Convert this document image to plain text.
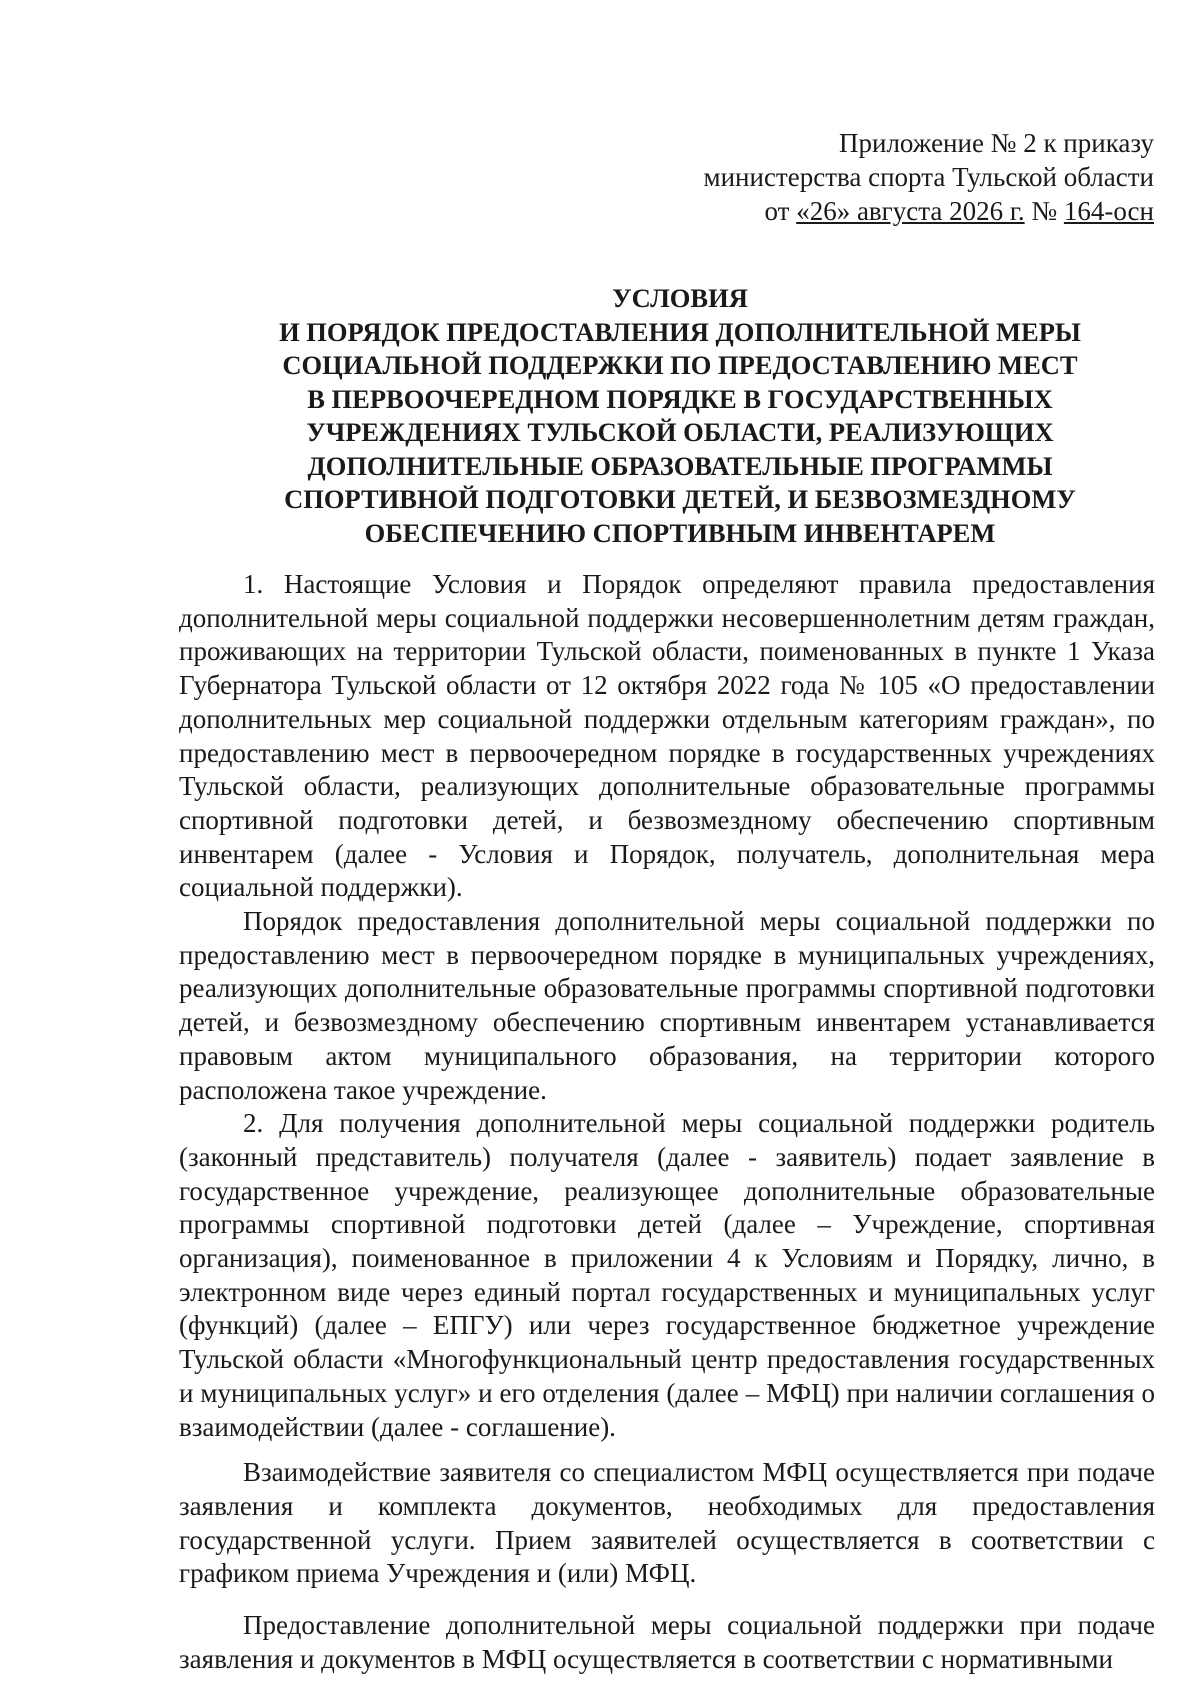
Приложение № 2 к приказу
министерства спорта Тульской области
от «26» августа 2026 г. № 164-осн
УСЛОВИЯ
И ПОРЯДОК ПРЕДОСТАВЛЕНИЯ ДОПОЛНИТЕЛЬНОЙ МЕРЫ
СОЦИАЛЬНОЙ ПОДДЕРЖКИ ПО ПРЕДОСТАВЛЕНИЮ МЕСТ
В ПЕРВООЧЕРЕДНОМ ПОРЯДКЕ В ГОСУДАРСТВЕННЫХ
УЧРЕЖДЕНИЯХ ТУЛЬСКОЙ ОБЛАСТИ, РЕАЛИЗУЮЩИХ
ДОПОЛНИТЕЛЬНЫЕ ОБРАЗОВАТЕЛЬНЫЕ ПРОГРАММЫ
СПОРТИВНОЙ ПОДГОТОВКИ ДЕТЕЙ, И БЕЗВОЗМЕЗДНОМУ
ОБЕСПЕЧЕНИЮ СПОРТИВНЫМ ИНВЕНТАРЕМ

1. Настоящие Условия и Порядок определяют правила предоставления дополнительной меры социальной поддержки несовершеннолетним детям граждан, проживающих на территории Тульской области, поименованных в пункте 1 Указа Губернатора Тульской области от 12 октября 2022 года № 105 «О предоставлении дополнительных мер социальной поддержки отдельным категориям граждан», по предоставлению мест в первоочередном порядке в государственных учреждениях Тульской области, реализующих дополнительные образовательные программы спортивной подготовки детей, и безвозмездному обеспечению спортивным инвентарем (далее - Условия и Порядок, получатель, дополнительная мера социальной поддержки).

Порядок предоставления дополнительной меры социальной поддержки по предоставлению мест в первоочередном порядке в муниципальных учреждениях, реализующих дополнительные образовательные программы спортивной подготовки детей, и безвозмездному обеспечению спортивным инвентарем устанавливается правовым актом муниципального образования, на территории которого расположена такое учреждение.

2. Для получения дополнительной меры социальной поддержки родитель (законный представитель) получателя (далее - заявитель) подает заявление в государственное учреждение, реализующее дополнительные образовательные программы спортивной подготовки детей (далее – Учреждение, спортивная организация), поименованное в приложении 4 к Условиям и Порядку, лично, в электронном виде через единый портал государственных и муниципальных услуг (функций) (далее – ЕПГУ) или через государственное бюджетное учреждение Тульской области «Многофункциональный центр предоставления государственных и муниципальных услуг» и его отделения (далее – МФЦ) при наличии соглашения о взаимодействии (далее - соглашение).

Взаимодействие заявителя со специалистом МФЦ осуществляется при подаче заявления и комплекта документов, необходимых для предоставления государственной услуги. Прием заявителей осуществляется в соответствии с графиком приема Учреждения и (или) МФЦ.

Предоставление дополнительной меры социальной поддержки при подаче заявления и документов в МФЦ осуществляется в соответствии с нормативными
